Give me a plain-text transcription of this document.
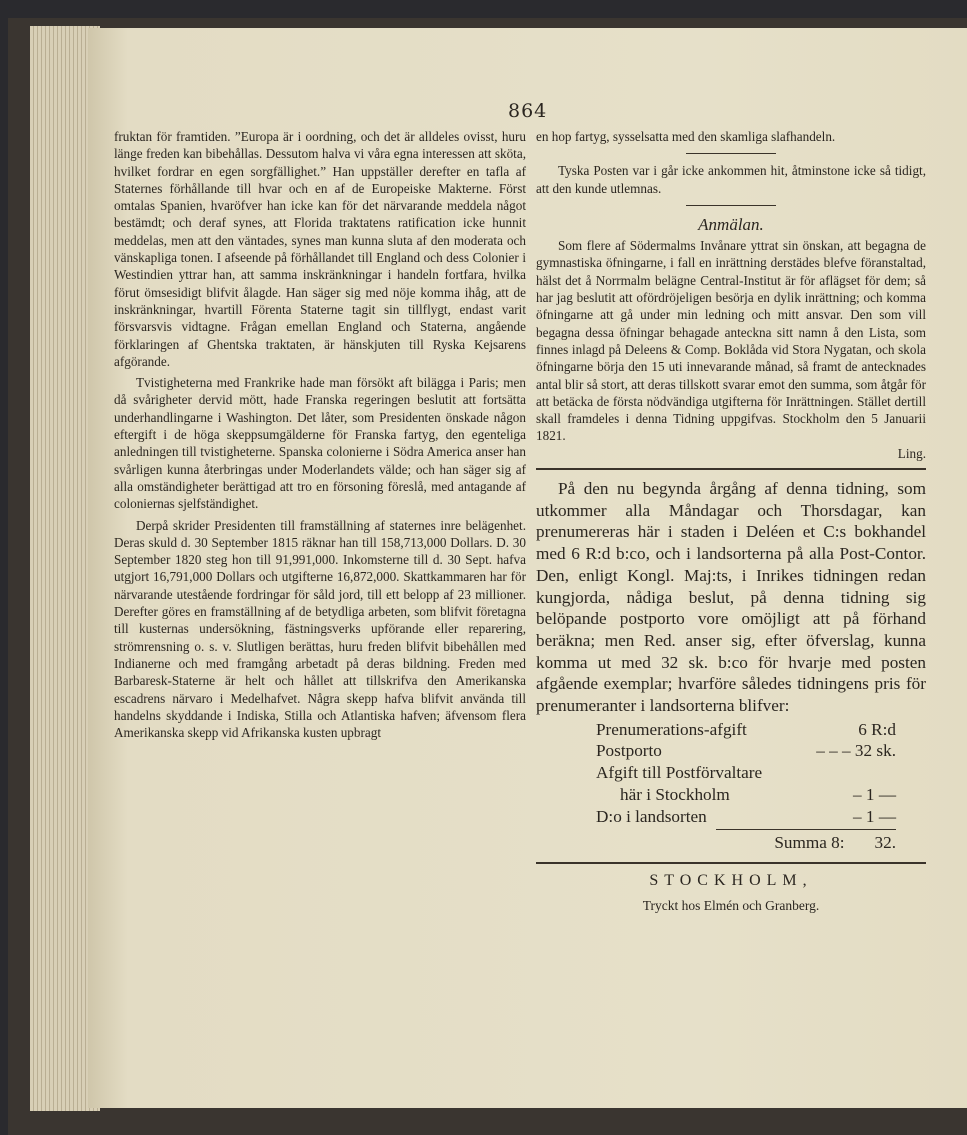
864

fruktan för framtiden. ”Europa är i oordning, och det är alldeles ovisst, huru länge freden kan bibehållas. Dessutom halva vi våra egna interessen att sköta, hvilket fordrar en egen sorgfällighet.” Han uppställer derefter en tafla af Staternes förhållande till hvar och en af de Europeiske Makterne. Först omtalas Spanien, hvaröfver han icke kan för det närvarande meddela något bestämdt; och deraf synes, att Florida traktatens ratification icke hunnit meddelas, men att den väntades, synes man kunna sluta af den moderata och vänskapliga tonen. I afseende på förhållandet till England och dess Colonier i Westindien yttrar han, att samma inskränkningar i handeln fortfara, hvilka förut ömsesidigt blifvit ålagde. Han säger sig med nöje komma ihåg, att de inskränkningar, hvartill Förenta Staterne tagit sin tillflygt, endast varit försvarsvis vidtagne. Frågan emellan England och Staterna, angående förklaringen af Ghentska traktaten, är hänskjuten till Ryska Kejsarens afgörande.

Tvistigheterna med Frankrike hade man försökt aft bilägga i Paris; men då svårigheter dervid mött, hade Franska regeringen beslutit att fortsätta underhandlingarne i Washington. Det låter, som Presidenten önskade någon eftergift i de höga skeppsumgälderne för Franska fartyg, den egenteliga anledningen till tvistigheterne. Spanska colonierne i Södra America anser han svårligen kunna återbringas under Moderlandets välde; och han säger sig af alla omständigheter berättigad att tro en försoning föreslå, med antagande af coloniernas sjelfständighet.

Derpå skrider Presidenten till framställning af staternes inre belägenhet. Deras skuld d. 30 September 1815 räknar han till 158,713,000 Dollars. D. 30 September 1820 steg hon till 91,991,000. Inkomsterne till d. 30 Sept. hafva utgjort 16,791,000 Dollars och utgifterne 16,872,000. Skattkammaren har för närvarande utestående fordringar för såld jord, till ett belopp af 23 millioner. Derefter göres en framställning af de betydliga arbeten, som blifvit företagna till kusternas undersökning, fästningsverks upförande eller reparering, strömrensning o. s. v. Slutligen berättas, huru freden blifvit bibehållen med Indianerne och med framgång arbetadt på deras bildning. Freden med Barbaresk-Staterne är helt och hållet att tillskrifva den Amerikanska escadrens närvaro i Medelhafvet. Några skepp hafva blifvit använda till handelns skyddande i Indiska, Stilla och Atlantiska hafven; äfvensom flera Amerikanska skepp vid Afrikanska kusten upbragt

en hop fartyg, sysselsatta med den skamliga slafhandeln.

Tyska Posten var i går icke ankommen hit, åtminstone icke så tidigt, att den kunde utlemnas.

Anmälan.

Som flere af Södermalms Invånare yttrat sin önskan, att begagna de gymnastiska öfningarne, i fall en inrättning derstädes blefve föranstaltad, hälst det å Norrmalm belägne Central-Institut är för aflägset för dem; så har jag beslutit att ofördröjeligen besörja en dylik inrättning; och komma öfningarne att gå under min ledning och mitt ansvar. Den som vill begagna dessa öfningar behagade anteckna sitt namn å den Lista, som finnes inlagd på Deleens & Comp. Boklåda vid Stora Nygatan, och skola öfningarne börja den 15 uti innevarande månad, så framt de antecknades antal blir så stort, att deras tillskott svarar emot den summa, som åtgår för att betäcka de första nödvändiga utgifterna för Inrättningen. Stället dertill skall framdeles i denna Tidning uppgifvas. Stockholm den 5 Januarii 1821.

Ling.

På den nu begynda årgång af denna tidning, som utkommer alla Måndagar och Thorsdagar, kan prenumereras här i staden i Deléen et C:s bokhandel med 6 R:d b:co, och i landsorterna på alla Post-Contor. Den, enligt Kongl. Maj:ts, i Inrikes tidningen redan kungjorda, nådiga beslut, på denna tidning sig belöpande postporto vore omöjligt att på förhand beräkna; men Red. anser sig, efter öfverslag, kunna komma ut med 32 sk. b:co för hvarje med posten afgående exemplar; hvarföre således tidningens pris för prenumeranter i landsorterna blifver:

Prenumerations-afgift	6 R:d
Postporto	– – – 32 sk.
Afgift till Postförvaltare
här i Stockholm	– 1 —
D:o i landsorten	– 1 —
Summa 8: 32.
STOCKHOLM,
Tryckt hos Elmén och Granberg.
